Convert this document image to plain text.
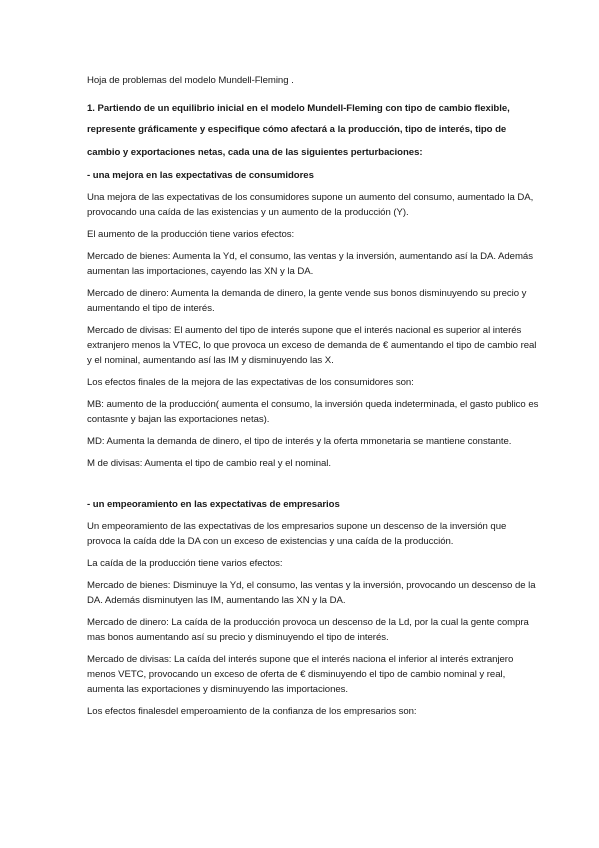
Hoja de problemas del modelo Mundell-Fleming .

1. Partiendo de un equilibrio inicial en el modelo Mundell-Fleming con tipo de cambio flexible,

represente gráficamente y especifique cómo afectará a la producción, tipo de interés, tipo de

cambio y exportaciones netas, cada una de las siguientes perturbaciones:

- una mejora en las expectativas de consumidores

Una mejora de las expectativas de los consumidores supone un aumento del consumo, aumentado la DA, provocando una caída de las existencias y un aumento de la producción (Y).

El aumento de la producción tiene varios efectos:

Mercado de bienes: Aumenta la Yd, el consumo, las ventas y la inversión, aumentando así la DA. Además aumentan las importaciones, cayendo las XN y la DA.

Mercado de dinero: Aumenta la demanda de dinero, la gente vende sus bonos disminuyendo su precio y aumentando el tipo de interés.

Mercado de divisas: El aumento del tipo de interés supone que el interés nacional es superior al interés extranjero menos la VTEC, lo que provoca un exceso de demanda de € aumentando el tipo de cambio real y el nominal, aumentando así las IM y disminuyendo las X.

Los efectos finales de la mejora de las expectativas de los consumidores son:

MB: aumento de la producción( aumenta el consumo, la inversión queda indeterminada, el gasto publico es contasnte y bajan las exportaciones netas).

MD: Aumenta la demanda de dinero, el tipo de interés y la oferta mmonetaria se mantiene constante.

M de divisas: Aumenta el tipo de cambio real y el nominal.

- un empeoramiento en las expectativas de empresarios

Un empeoramiento de las expectativas de los empresarios supone un descenso de la inversión que provoca la caída dde la DA con un exceso de existencias y una caída de la producción.

La caída de la producción tiene varios efectos:

Mercado de bienes: Disminuye la Yd, el consumo, las ventas y la inversión, provocando un descenso de la DA. Además disminutyen las IM, aumentando las XN y la DA.

Mercado de dinero: La caída de la producción provoca un descenso de la Ld, por la cual la gente compra mas bonos aumentando así su precio y disminuyendo el tipo de interés.

Mercado de divisas: La caída del interés supone que el interés naciona el inferior al interés extranjero menos VETC, provocando un exceso de oferta de € disminuyendo el tipo de cambio nominal y real, aumenta las exportaciones y disminuyendo las importaciones.

Los efectos finalesdel emperoamiento de la confianza de los empresarios son:
